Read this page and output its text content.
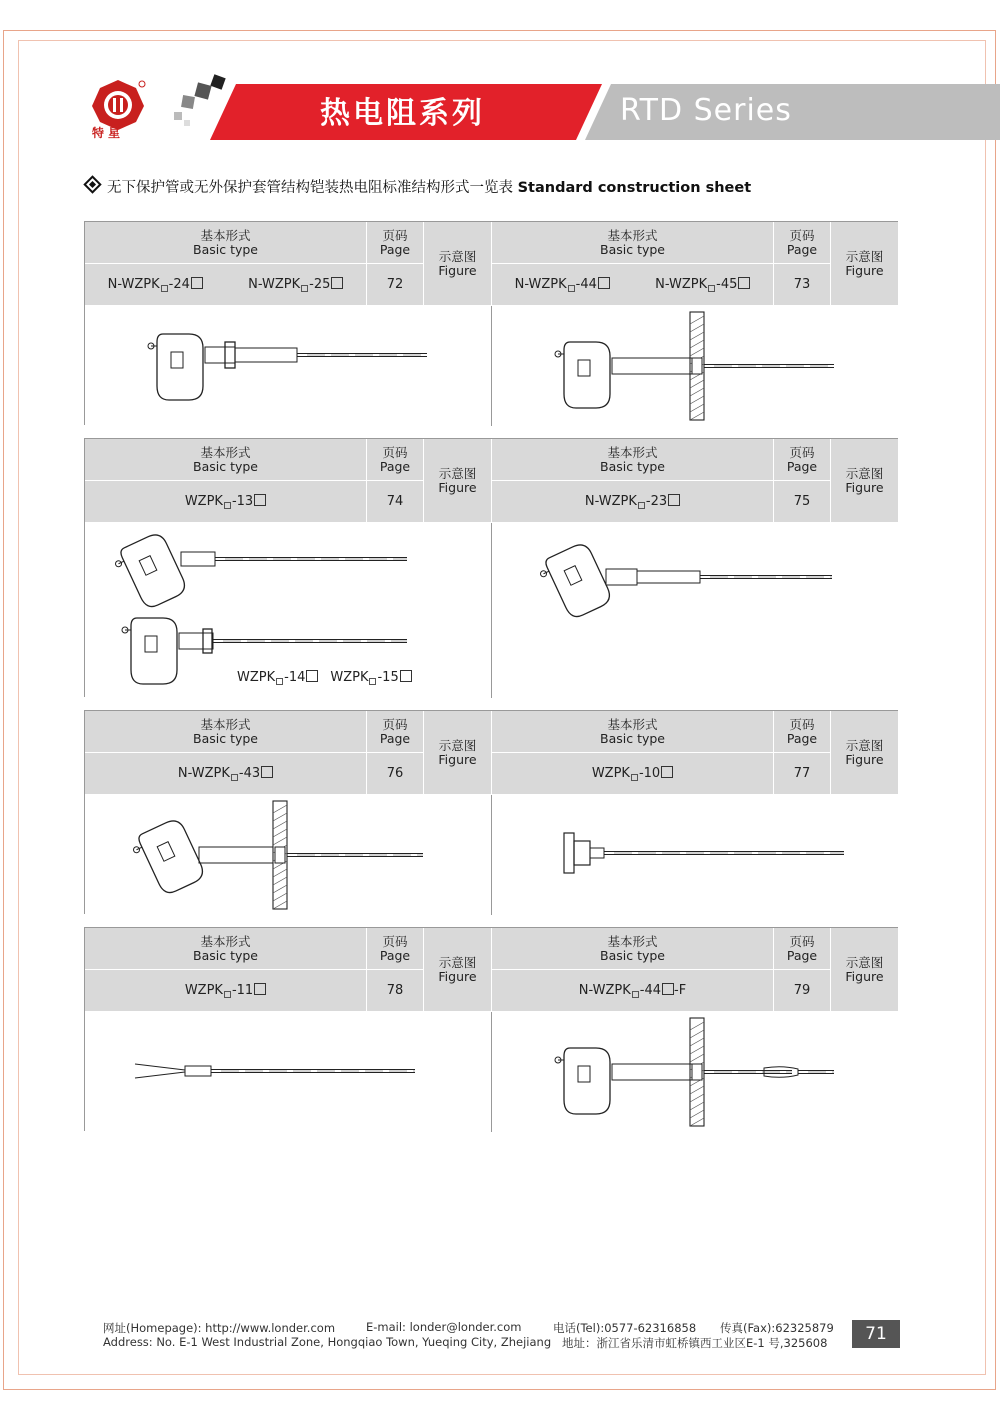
特星
热电阻系列	RTD Series
无下保护管或无外保护套管结构铠装热电阻标准结构形式一览表 Standard construction sheet
基本形式
Basic type
页码
Page 示意图
Figure
N-WZPK -24	N-WZPK -25	72
基本形式
Basic type
页码
Page 示意图
Figure
N-WZPK -44	N-WZPK -45	73
基本形式
Basic type
页码
Page 示意图
Figure
WZPK -13	74
WZPK -14	WZPK -15
基本形式
Basic type
页码
Page 示意图
Figure
N-WZPK -23	75
基本形式
Basic type
页码
Page 示意图
Figure
N-WZPK -43	76
基本形式
Basic type
页码
Page 示意图
Figure
WZPK -10	77
基本形式
Basic type
页码
Page 示意图
Figure
WZPK -11	78
基本形式
Basic type
页码
Page 示意图
Figure
N-WZPK -44 -F	79
网址(Homepage): http://www.londer.com	E-mail: londer@londer.com	电话(Tel):0577-62316858 传真(Fax):62325879
Address: No. E-1 West Industrial Zone, Hongqiao Town, Yueqing City, Zhejiang 地址：浙江省乐清市虹桥镇西工业区E-1 号,325608	71
